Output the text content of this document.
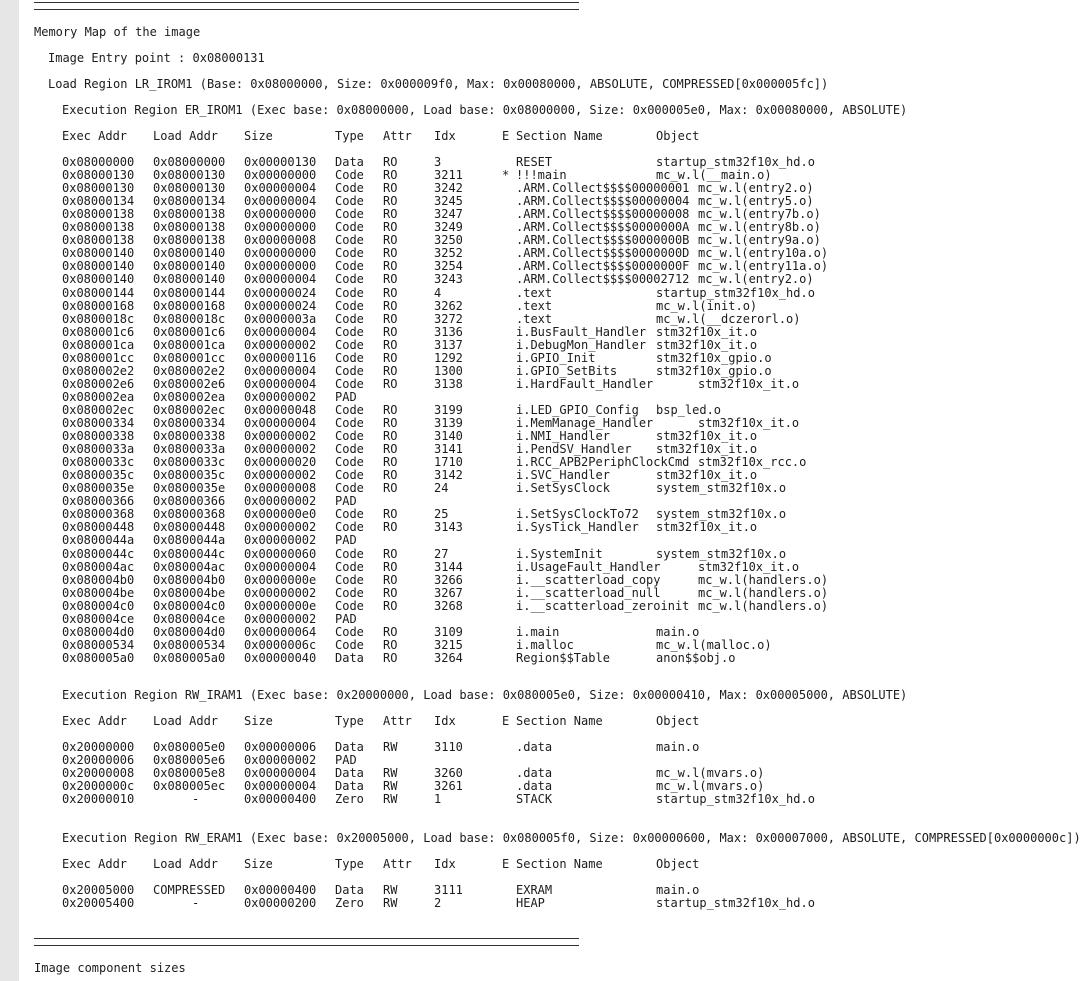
Memory Map of the image

Image Entry point : 0x08000131

Load Region LR_IROM1 (Base: 0x08000000, Size: 0x000009f0, Max: 0x00080000, ABSOLUTE, COMPRESSED[0x000005fc])

Execution Region ER_IROM1 (Exec base: 0x08000000, Load base: 0x08000000, Size: 0x000005e0, Max: 0x00080000, ABSOLUTE)
Exec Addr Load Addr Size	Type Attr Idx	E Section Name	Object
0x08000000 0x08000000 0x00000130 Data RO	3	RESET	startup_stm32f10x_hd.o
0x08000130 0x08000130 0x00000000 Code RO	3211	* !!!main	mc_w.l(__main.o)
0x08000130 0x08000130 0x00000004 Code RO	3242	.ARM.Collect$$$$00000001 mc_w.l(entry2.o)
0x08000134 0x08000134 0x00000004 Code RO	3245	.ARM.Collect$$$$00000004 mc_w.l(entry5.o)
0x08000138 0x08000138 0x00000000 Code RO	3247	.ARM.Collect$$$$00000008 mc_w.l(entry7b.o)
0x08000138 0x08000138 0x00000000 Code RO	3249	.ARM.Collect$$$$0000000A mc_w.l(entry8b.o)
0x08000138 0x08000138 0x00000008 Code RO	3250	.ARM.Collect$$$$0000000B mc_w.l(entry9a.o)
0x08000140 0x08000140 0x00000000 Code RO	3252	.ARM.Collect$$$$0000000D mc_w.l(entry10a.o)
0x08000140 0x08000140 0x00000000 Code RO	3254	.ARM.Collect$$$$0000000F mc_w.l(entry11a.o)
0x08000140 0x08000140 0x00000004 Code RO	3243	.ARM.Collect$$$$00002712 mc_w.l(entry2.o)
0x08000144 0x08000144 0x00000024 Code RO	4	.text	startup_stm32f10x_hd.o
0x08000168 0x08000168 0x00000024 Code RO	3262	.text	mc_w.l(init.o)
0x0800018c 0x0800018c 0x0000003a Code RO	3272	.text	mc_w.l(__dczerorl.o)
0x080001c6 0x080001c6 0x00000004 Code RO	3136	i.BusFault_Handler stm32f10x_it.o
0x080001ca 0x080001ca 0x00000002 Code RO	3137	i.DebugMon_Handler stm32f10x_it.o
0x080001cc 0x080001cc 0x00000116 Code RO	1292	i.GPIO_Init	stm32f10x_gpio.o
0x080002e2 0x080002e2 0x00000004 Code RO	1300	i.GPIO_SetBits	stm32f10x_gpio.o
0x080002e6 0x080002e6 0x00000004 Code RO	3138	i.HardFault_Handler	stm32f10x_it.o
0x080002ea 0x080002ea 0x00000002 PAD
0x080002ec 0x080002ec 0x00000048 Code RO	3199	i.LED_GPIO_Config bsp_led.o
0x08000334 0x08000334 0x00000004 Code RO	3139	i.MemManage_Handler	stm32f10x_it.o
0x08000338 0x08000338 0x00000002 Code RO	3140	i.NMI_Handler	stm32f10x_it.o
0x0800033a 0x0800033a 0x00000002 Code RO	3141	i.PendSV_Handler stm32f10x_it.o
0x0800033c 0x0800033c 0x00000020 Code RO	1710	i.RCC_APB2PeriphClockCmd stm32f10x_rcc.o
0x0800035c 0x0800035c 0x00000002 Code RO	3142	i.SVC_Handler	stm32f10x_it.o
0x0800035e 0x0800035e 0x00000008 Code RO	24	i.SetSysClock	system_stm32f10x.o
0x08000366 0x08000366 0x00000002 PAD
0x08000368 0x08000368 0x000000e0 Code RO	25	i.SetSysClockTo72 system_stm32f10x.o
0x08000448 0x08000448 0x00000002 Code RO	3143	i.SysTick_Handler stm32f10x_it.o
0x0800044a 0x0800044a 0x00000002 PAD
0x0800044c 0x0800044c 0x00000060 Code RO	27	i.SystemInit	system_stm32f10x.o
0x080004ac 0x080004ac 0x00000004 Code RO	3144	i.UsageFault_Handler	stm32f10x_it.o
0x080004b0 0x080004b0 0x0000000e Code RO	3266	i.__scatterload_copy	mc_w.l(handlers.o)
0x080004be 0x080004be 0x00000002 Code RO	3267	i.__scatterload_null	mc_w.l(handlers.o)
0x080004c0 0x080004c0 0x0000000e Code RO	3268	i.__scatterload_zeroinit mc_w.l(handlers.o)
0x080004ce 0x080004ce 0x00000002 PAD
0x080004d0 0x080004d0 0x00000064 Code RO	3109	i.main	main.o
0x08000534 0x08000534 0x0000006c Code RO	3215	i.malloc	mc_w.l(malloc.o)
0x080005a0 0x080005a0 0x00000040 Data RO	3264	Region$$Table	anon$$obj.o
Execution Region RW_IRAM1 (Exec base: 0x20000000, Load base: 0x080005e0, Size: 0x00000410, Max: 0x00005000, ABSOLUTE)
Exec Addr Load Addr Size	Type Attr Idx	E Section Name	Object
0x20000000 0x080005e0 0x00000006 Data RW	3110	.data	main.o
0x20000006 0x080005e6 0x00000002 PAD
0x20000008 0x080005e8 0x00000004 Data RW	3260	.data	mc_w.l(mvars.o)
0x2000000c 0x080005ec 0x00000004 Data RW	3261	.data	mc_w.l(mvars.o)
0x20000010	-	0x00000400 Zero RW	1	STACK	startup_stm32f10x_hd.o
Execution Region RW_ERAM1 (Exec base: 0x20005000, Load base: 0x080005f0, Size: 0x00000600, Max: 0x00007000, ABSOLUTE, COMPRESSED[0x0000000c])
Exec Addr Load Addr Size	Type Attr Idx	E Section Name	Object
0x20005000 COMPRESSED 0x00000400 Data RW	3111	EXRAM	main.o
0x20005400	-	0x00000200 Zero RW	2	HEAP	startup_stm32f10x_hd.o

Image component sizes
